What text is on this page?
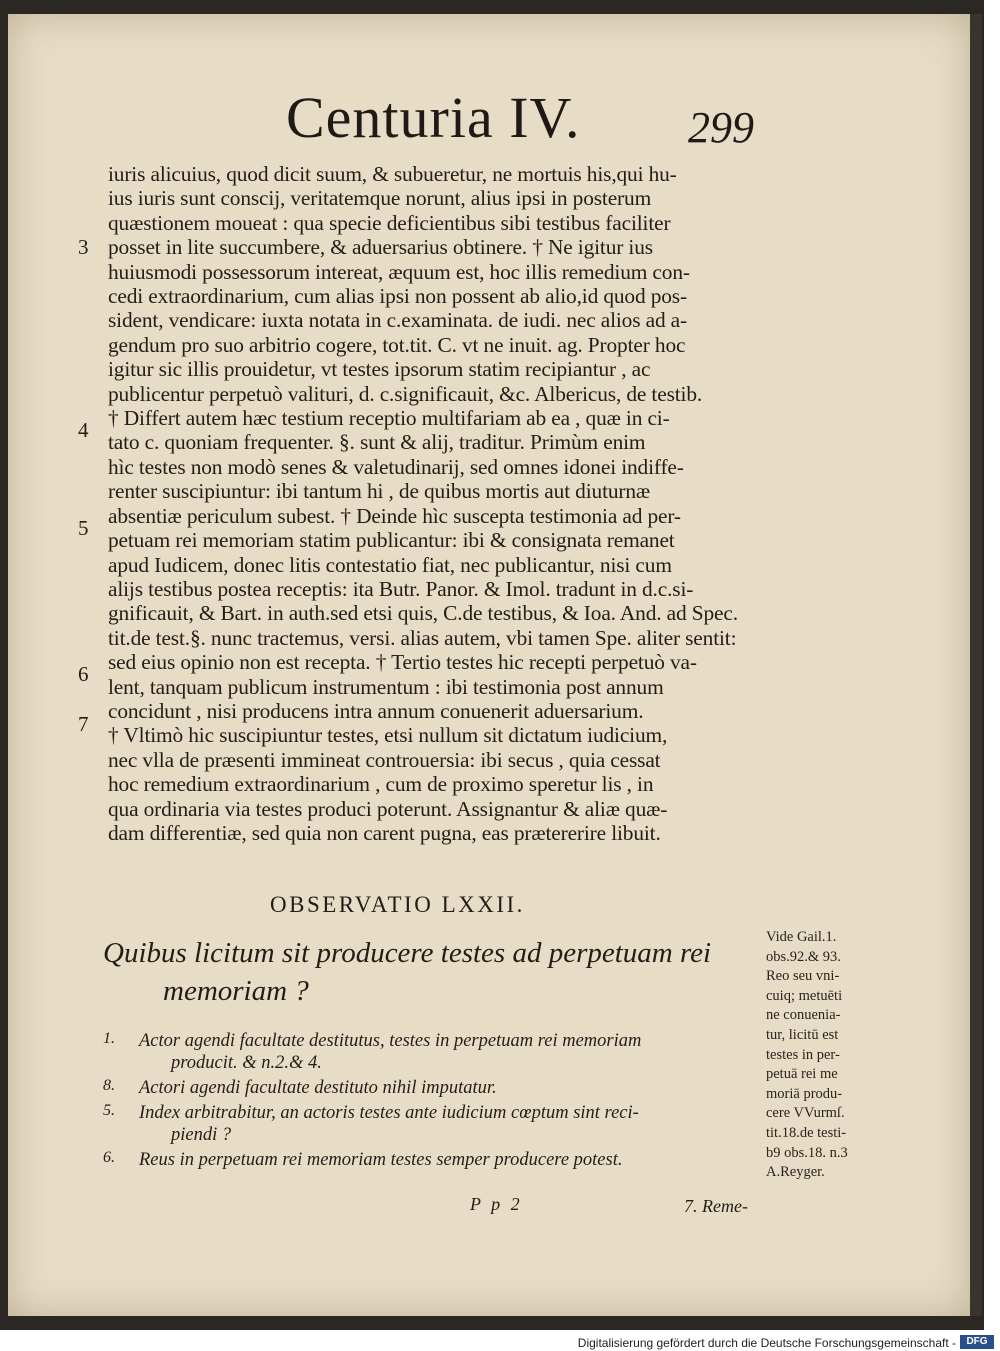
Centuria IV. 299
3
4
5
6
7
iuris alicuius, quod dicit suum, & subueretur, ne mortuis his,qui hu-
ius iuris sunt conscij, veritatemque norunt, alius ipsi in posterum
quæstionem moueat : qua specie deficientibus sibi testibus faciliter
posset in lite succumbere, & aduersarius obtinere. † Ne igitur ius
huiusmodi possessorum intereat, æquum est, hoc illis remedium con-
cedi extraordinarium, cum alias ipsi non possent ab alio,id quod pos-
sident, vendicare: iuxta notata in c.examinata. de iudi. nec alios ad a-
gendum pro suo arbitrio cogere, tot.tit. C. vt ne inuit. ag. Propter hoc
igitur sic illis prouidetur, vt testes ipsorum statim recipiantur , ac
publicentur perpetuò valituri, d. c.significauit, &c. Albericus, de testib.
† Differt autem hæc testium receptio multifariam ab ea , quæ in ci-
tato c. quoniam frequenter. §. sunt & alij, traditur. Primùm enim
hìc testes non modò senes & valetudinarij, sed omnes idonei indiffe-
renter suscipiuntur: ibi tantum hi , de quibus mortis aut diuturnæ
absentiæ periculum subest. † Deinde hìc suscepta testimonia ad per-
petuam rei memoriam statim publicantur: ibi & consignata remanet
apud Iudicem, donec litis contestatio fiat, nec publicantur, nisi cum
alijs testibus postea receptis: ita Butr. Panor. & Imol. tradunt in d.c.si-
gnificauit, & Bart. in auth.sed etsi quis, C.de testibus, & Ioa. And. ad Spec.
tit.de test.§. nunc tractemus, versi. alias autem, vbi tamen Spe. aliter sentit:
sed eius opinio non est recepta. † Tertio testes hic recepti perpetuò va-
lent, tanquam publicum instrumentum : ibi testimonia post annum
concidunt , nisi producens intra annum conuenerit aduersarium.
† Vltimò hic suscipiuntur testes, etsi nullum sit dictatum iudicium,
nec vlla de præsenti immineat controuersia: ibi secus , quia cessat
hoc remedium extraordinarium , cum de proximo speretur lis , in
qua ordinaria via testes produci poterunt. Assignantur & aliæ quæ-
dam differentiæ, sed quia non carent pugna, eas prætererire libuit.
OBSERVATIO LXXII.
Quibus licitum sit producere testes ad perpetuam rei
memoriam ?
Vide Gail.1.
obs.92.& 93.
Reo seu vni-
cuiq; metuēti
ne conuenia-
tur, licitū est
testes in per-
petuā rei me
moriā produ-
cere VVurmſ.
tit.18.de testi-
b9 obs.18. n.3
A.Reyger.
1.	Actor agendi facultate destitutus, testes in perpetuam rei memoriam
producit. & n.2.& 4.
8.	Actori agendi facultate destituto nihil imputatur.
5.	Index arbitrabitur, an actoris testes ante iudicium cœptum sint reci-
piendi ?
6.	Reus in perpetuam rei memoriam testes semper producere potest.
P p 2	7. Reme-
Digitalisierung gefördert durch die Deutsche Forschungsgemeinschaft -	DFG
